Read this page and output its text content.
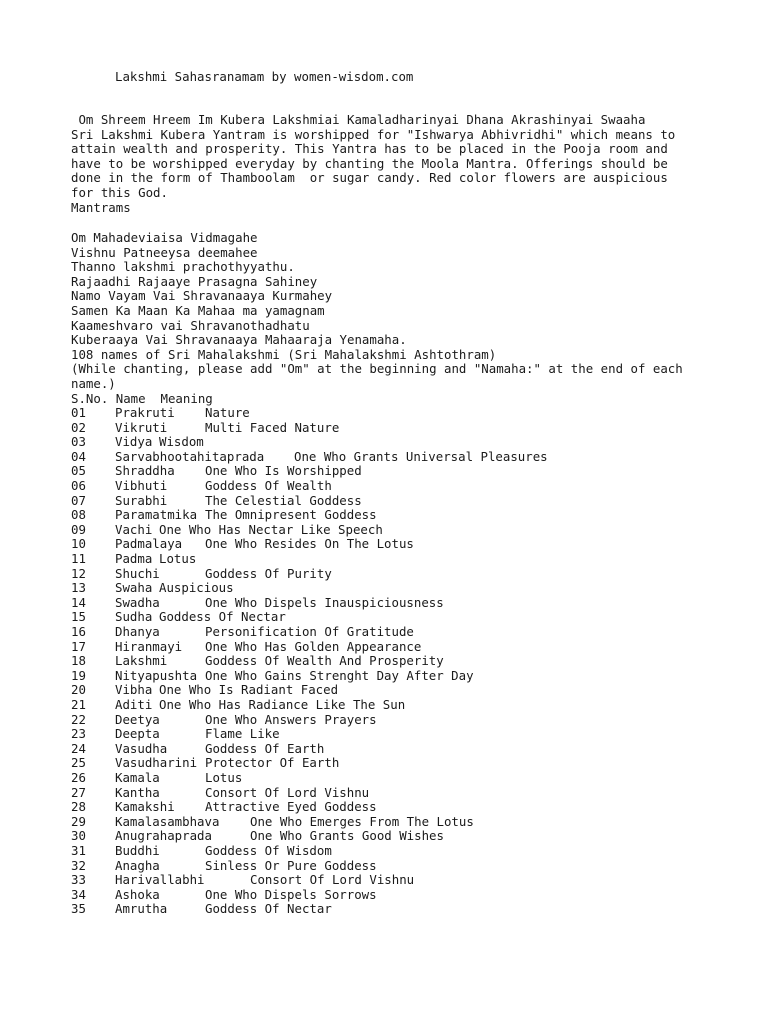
Lakshmi Sahasranamam by women-wisdom.com
Om Shreem Hreem Im Kubera Lakshmiai Kamaladharinyai Dhana Akrashinyai Swaaha
Sri Lakshmi Kubera Yantram is worshipped for "Ishwarya Abhivridhi" which means to
attain wealth and prosperity. This Yantra has to be placed in the Pooja room and
have to be worshipped everyday by chanting the Moola Mantra. Offerings should be
done in the form of Thamboolam  or sugar candy. Red color flowers are auspicious
for this God.
Mantrams
Om Mahadeviaisa Vidmagahe
Vishnu Patneeysa deemahee
Thanno lakshmi prachothyyathu.
Rajaadhi Rajaaye Prasagna Sahiney
Namo Vayam Vai Shravanaaya Kurmahey
Samen Ka Maan Ka Mahaa ma yamagnam
Kaameshvaro vai Shravanothadhatu
Kuberaaya Vai Shravanaaya Mahaaraja Yenamaha.
108 names of Sri Mahalakshmi (Sri Mahalakshmi Ashtothram)
(While chanting, please add "Om" at the beginning and "Namaha:" at the end of each
name.)
S.No. Name  Meaning
01 Prakruti Nature
02 Vikruti	Multi Faced Nature
03 Vidya Wisdom
04 Sarvabhootahitaprada One Who Grants Universal Pleasures
05 Shraddha One Who Is Worshipped
06 Vibhuti	Goddess Of Wealth
07 Surabhi	The Celestial Goddess
08 Paramatmika The Omnipresent Goddess
09 Vachi One Who Has Nectar Like Speech
10 Padmalaya One Who Resides On The Lotus
11 Padma Lotus
12 Shuchi	Goddess Of Purity
13 Swaha Auspicious
14 Swadha	One Who Dispels Inauspiciousness
15 Sudha Goddess Of Nectar
16 Dhanya	Personification Of Gratitude
17 Hiranmayi One Who Has Golden Appearance
18 Lakshmi	Goddess Of Wealth And Prosperity
19 Nityapushta One Who Gains Strenght Day After Day
20 Vibha One Who Is Radiant Faced
21 Aditi One Who Has Radiance Like The Sun
22 Deetya	One Who Answers Prayers
23 Deepta	Flame Like
24 Vasudha	Goddess Of Earth
25 Vasudharini Protector Of Earth
26 Kamala	Lotus
27 Kantha	Consort Of Lord Vishnu
28 Kamakshi Attractive Eyed Goddess
29 Kamalasambhava One Who Emerges From The Lotus
30 Anugrahaprada	One Who Grants Good Wishes
31 Buddhi	Goddess Of Wisdom
32 Anagha	Sinless Or Pure Goddess
33 Harivallabhi	Consort Of Lord Vishnu
34 Ashoka	One Who Dispels Sorrows
35 Amrutha	Goddess Of Nectar
